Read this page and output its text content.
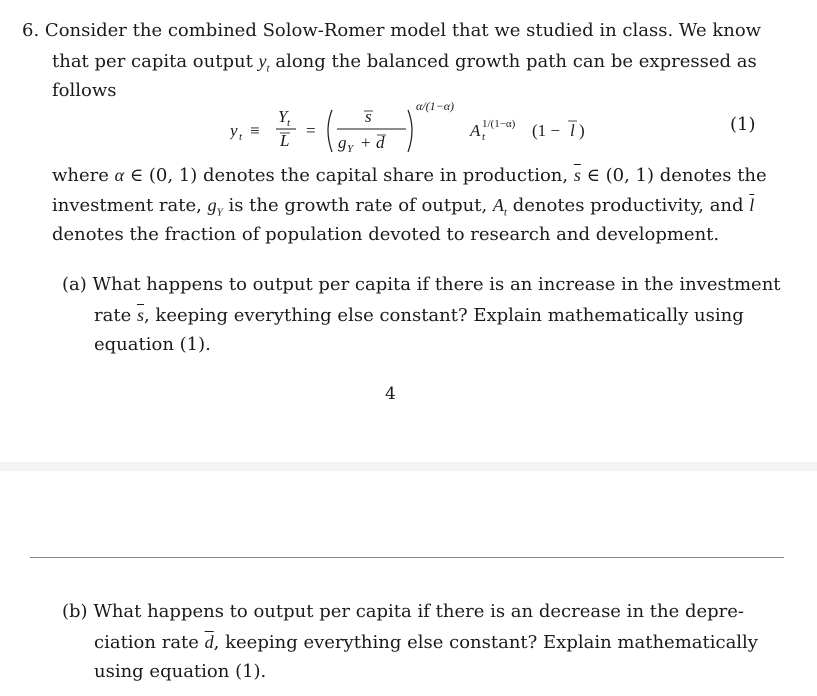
6. Consider the combined Solow-Romer model that we studied in class. We know
that per capita output $y_t$ along the balanced growth path can be expressed as
follows
y t ≡
Y t
L
=
s
g Y + d
α/(1−α)
A 1/(1−α)
t	(1 − l )	(1)
where α ∈ (0, 1) denotes the capital share in production, $\overline{s}$ ∈ (0, 1) denotes the
investment rate, $g_Y$ is the growth rate of output, $A_t$ denotes productivity, and $\overline{l}$
denotes the fraction of population devoted to research and development.
(a) What happens to output per capita if there is an increase in the investment
rate $\overline{s}$, keeping everything else constant? Explain mathematically using
equation (1).
4
(b) What happens to output per capita if there is an decrease in the depre-
ciation rate $\overline{d}$, keeping everything else constant? Explain mathematically
using equation (1).
